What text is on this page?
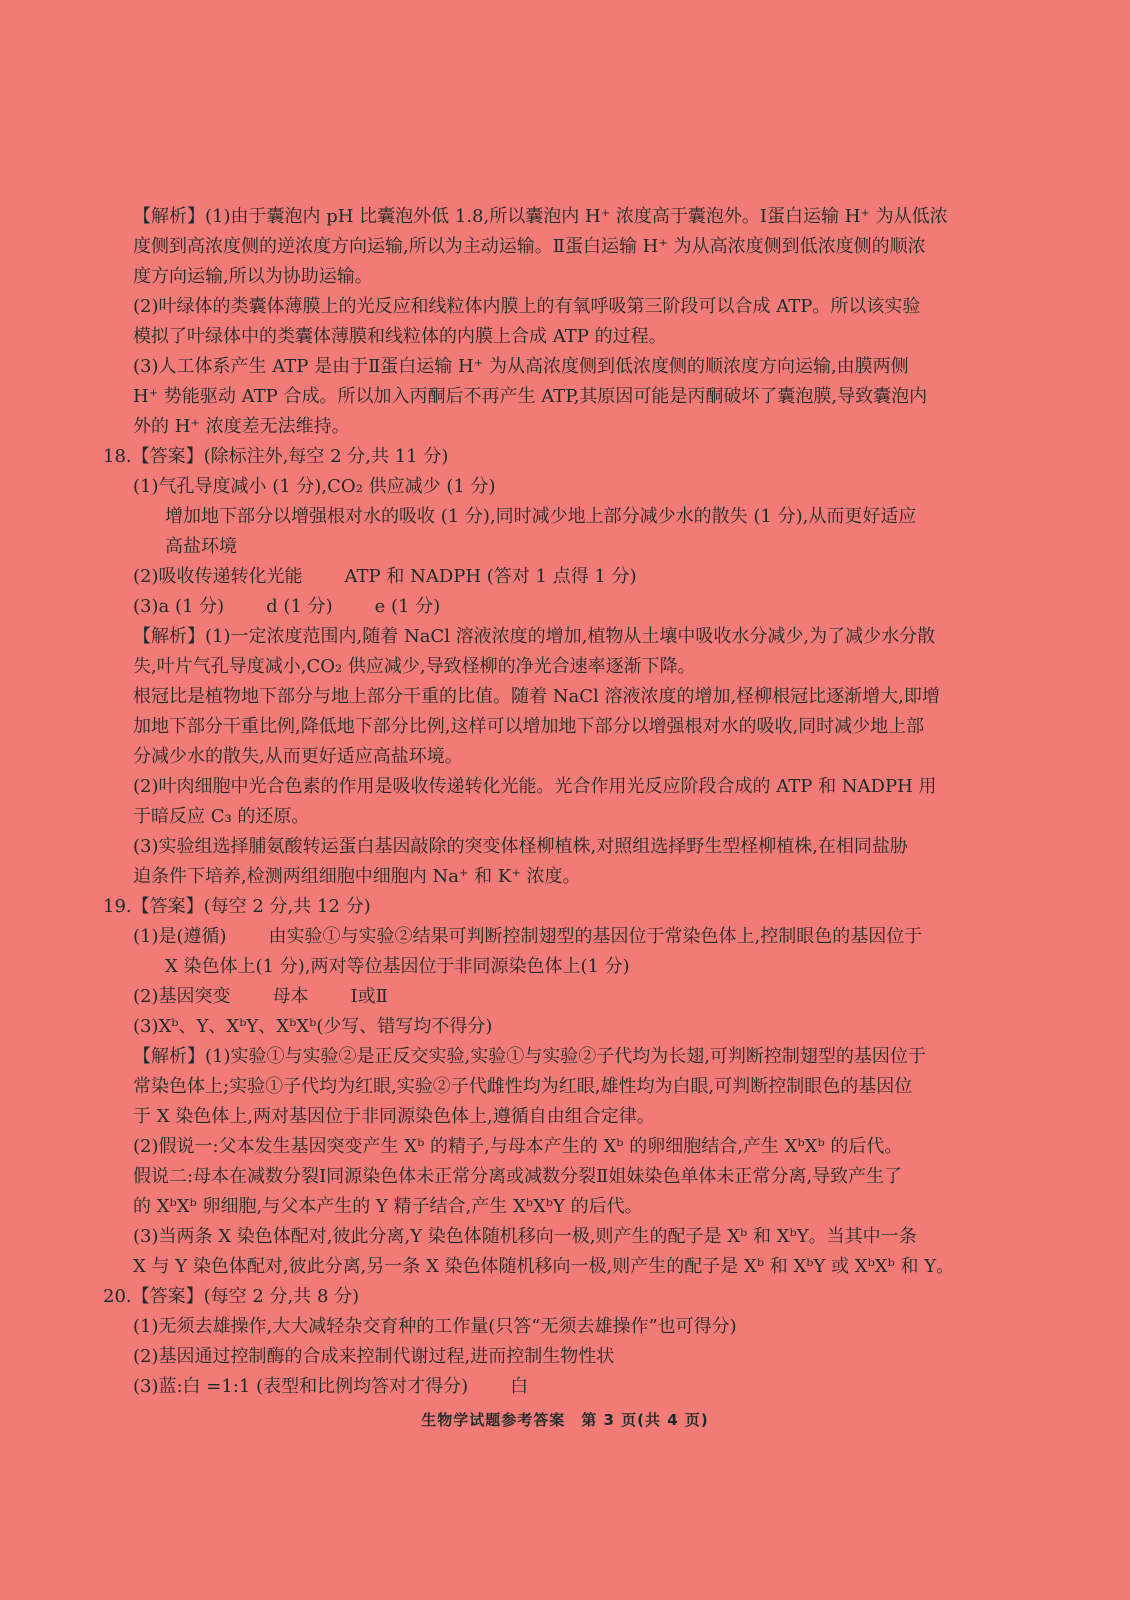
【解析】(1)由于囊泡内 pH 比囊泡外低 1.8,所以囊泡内 H⁺ 浓度高于囊泡外。Ⅰ蛋白运输 H⁺ 为从低浓
度侧到高浓度侧的逆浓度方向运输,所以为主动运输。Ⅱ蛋白运输 H⁺ 为从高浓度侧到低浓度侧的顺浓
度方向运输,所以为协助运输。
(2)叶绿体的类囊体薄膜上的光反应和线粒体内膜上的有氧呼吸第三阶段可以合成 ATP。所以该实验
模拟了叶绿体中的类囊体薄膜和线粒体的内膜上合成 ATP 的过程。
(3)人工体系产生 ATP 是由于Ⅱ蛋白运输 H⁺ 为从高浓度侧到低浓度侧的顺浓度方向运输,由膜两侧
H⁺ 势能驱动 ATP 合成。所以加入丙酮后不再产生 ATP,其原因可能是丙酮破坏了囊泡膜,导致囊泡内
外的 H⁺ 浓度差无法维持。
18.【答案】(除标注外,每空 2 分,共 11 分)
(1)气孔导度减小 (1 分),CO₂ 供应减少 (1 分)
增加地下部分以增强根对水的吸收 (1 分),同时减少地上部分减少水的散失 (1 分),从而更好适应
高盐环境
(2)吸收传递转化光能 ATP 和 NADPH (答对 1 点得 1 分)
(3)a (1 分) d (1 分) e (1 分)
【解析】(1)一定浓度范围内,随着 NaCl 溶液浓度的增加,植物从土壤中吸收水分减少,为了减少水分散
失,叶片气孔导度减小,CO₂ 供应减少,导致柽柳的净光合速率逐渐下降。
根冠比是植物地下部分与地上部分干重的比值。随着 NaCl 溶液浓度的增加,柽柳根冠比逐渐增大,即增
加地下部分干重比例,降低地下部分比例,这样可以增加地下部分以增强根对水的吸收,同时减少地上部
分减少水的散失,从而更好适应高盐环境。
(2)叶肉细胞中光合色素的作用是吸收传递转化光能。光合作用光反应阶段合成的 ATP 和 NADPH 用
于暗反应 C₃ 的还原。
(3)实验组选择脯氨酸转运蛋白基因敲除的突变体柽柳植株,对照组选择野生型柽柳植株,在相同盐胁
迫条件下培养,检测两组细胞中细胞内 Na⁺ 和 K⁺ 浓度。
19.【答案】(每空 2 分,共 12 分)
(1)是(遵循) 由实验①与实验②结果可判断控制翅型的基因位于常染色体上,控制眼色的基因位于
X 染色体上(1 分),两对等位基因位于非同源染色体上(1 分)
(2)基因突变 母本 Ⅰ或Ⅱ
(3)Xᵇ、Y、XᵇY、XᵇXᵇ(少写、错写均不得分)
【解析】(1)实验①与实验②是正反交实验,实验①与实验②子代均为长翅,可判断控制翅型的基因位于
常染色体上;实验①子代均为红眼,实验②子代雌性均为红眼,雄性均为白眼,可判断控制眼色的基因位
于 X 染色体上,两对基因位于非同源染色体上,遵循自由组合定律。
(2)假说一:父本发生基因突变产生 Xᵇ 的精子,与母本产生的 Xᵇ 的卵细胞结合,产生 XᵇXᵇ 的后代。
假说二:母本在减数分裂Ⅰ同源染色体未正常分离或减数分裂Ⅱ姐妹染色单体未正常分离,导致产生了
的 XᵇXᵇ 卵细胞,与父本产生的 Y 精子结合,产生 XᵇXᵇY 的后代。
(3)当两条 X 染色体配对,彼此分离,Y 染色体随机移向一极,则产生的配子是 Xᵇ 和 XᵇY。当其中一条
X 与 Y 染色体配对,彼此分离,另一条 X 染色体随机移向一极,则产生的配子是 Xᵇ 和 XᵇY 或 XᵇXᵇ 和 Y。
20.【答案】(每空 2 分,共 8 分)
(1)无须去雄操作,大大减轻杂交育种的工作量(只答“无须去雄操作”也可得分)
(2)基因通过控制酶的合成来控制代谢过程,进而控制生物性状
(3)蓝:白 =1:1 (表型和比例均答对才得分) 白
生物学试题参考答案　第 3 页(共 4 页)
